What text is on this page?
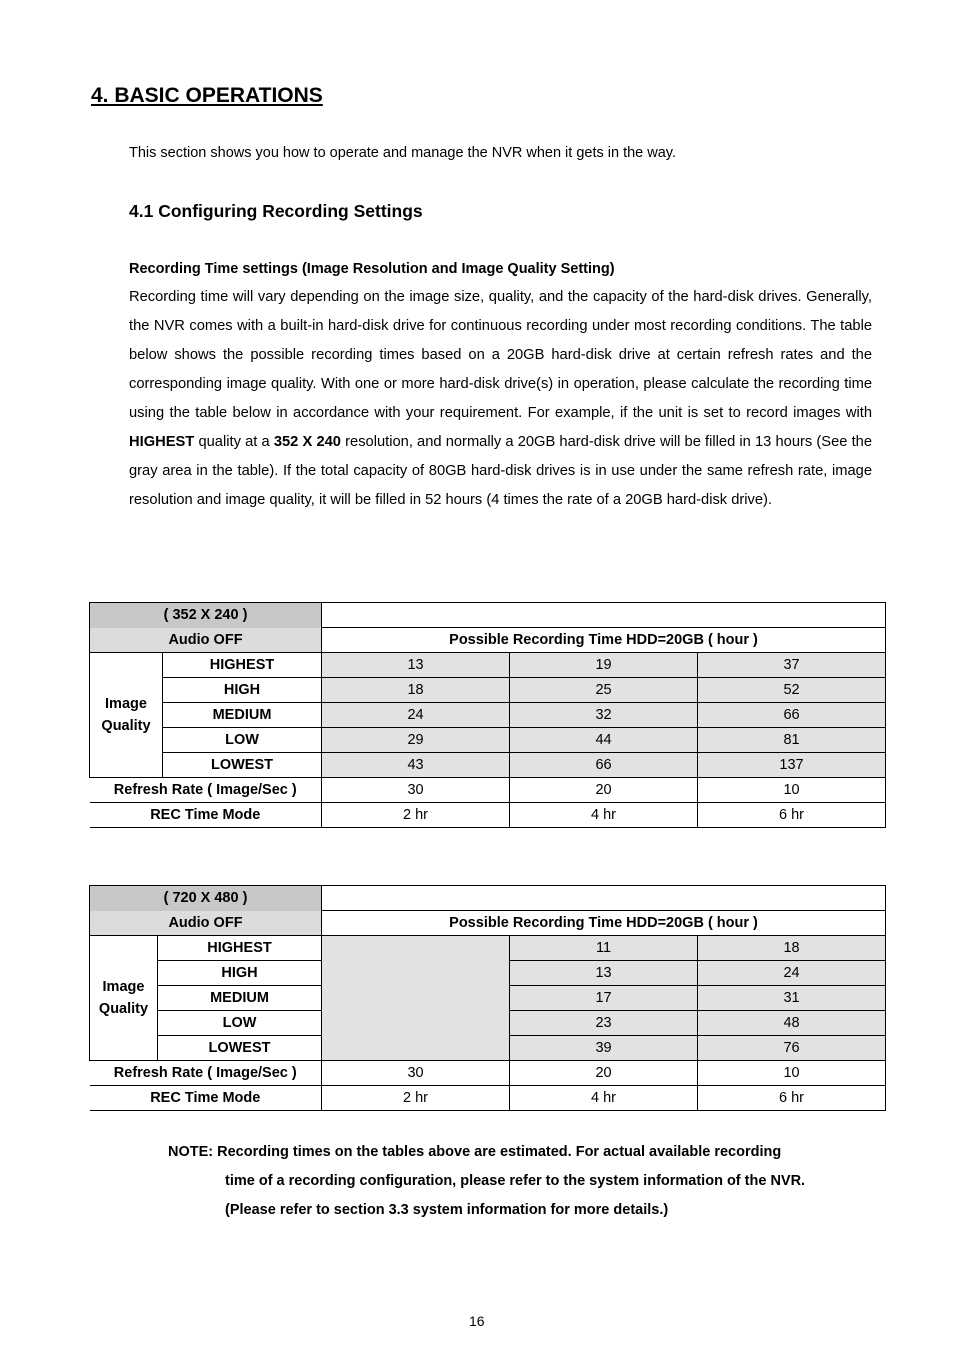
4. BASIC OPERATIONS
This section shows you how to operate and manage the NVR when it gets in the way.
4.1 Configuring Recording Settings
Recording Time settings (Image Resolution and Image Quality Setting)
Recording time will vary depending on the image size, quality, and the capacity of the hard-disk drives. Generally, the NVR comes with a built-in hard-disk drive for continuous recording under most recording conditions. The table below shows the possible recording times based on a 20GB hard-disk drive at certain refresh rates and the corresponding image quality. With one or more hard-disk drive(s) in operation, please calculate the recording time using the table below in accordance with your requirement. For example, if the unit is set to record images with HIGHEST quality at a 352 X 240 resolution, and normally a 20GB hard-disk drive will be filled in 13 hours (See the gray area in the table). If the total capacity of 80GB hard-disk drives is in use under the same refresh rate, image resolution and image quality, it will be filled in 52 hours (4 times the rate of a 20GB hard-disk drive).
( 352 X 240 )				
Audio OFF		Possible Recording Time HDD=20GB ( hour )		
Image
Quality	HIGHEST	13	19	37
	HIGH	18	25	52
	MEDIUM	24	32	66
	LOW	29	44	81
	LOWEST	43	66	137
Refresh Rate ( Image/Sec )		30	20	10
REC Time Mode		2 hr	4 hr	6 hr
( 720 X 480 )				
Audio OFF		Possible Recording Time HDD=20GB ( hour )		
Image
Quality	HIGHEST		11	18
	HIGH		13	24
	MEDIUM		17	31
	LOW		23	48
	LOWEST		39	76
Refresh Rate ( Image/Sec )		30	20	10
REC Time Mode		2 hr	4 hr	6 hr
NOTE: Recording times on the tables above are estimated. For actual available recording
time of a recording configuration, please refer to the system information of the NVR.
(Please refer to section 3.3 system information for more details.)
16
